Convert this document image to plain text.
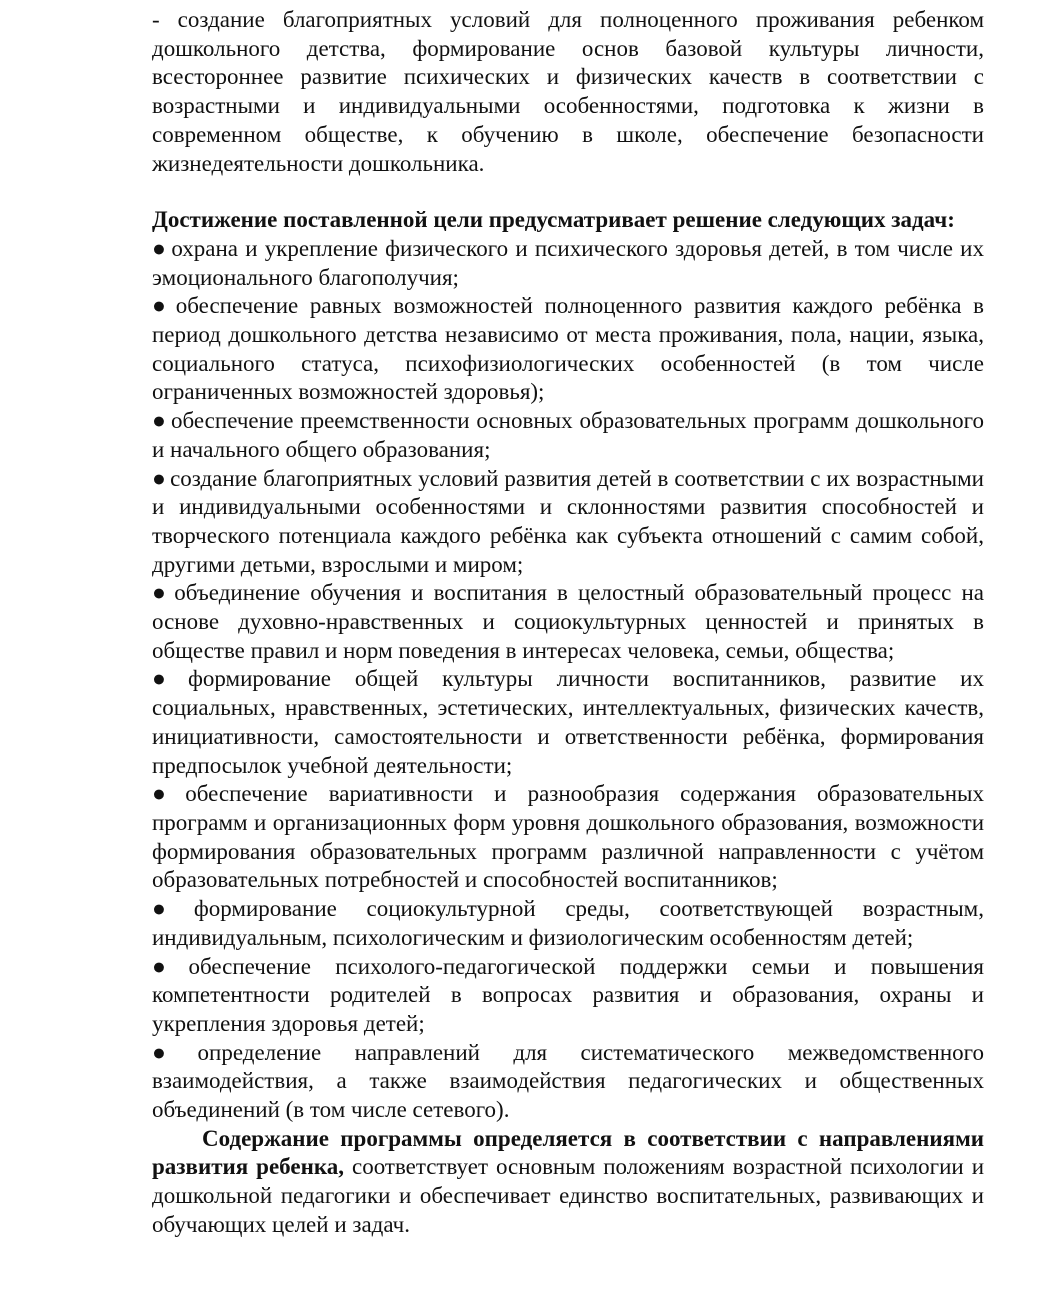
- создание благоприятных условий для полноценного проживания ребенком дошкольного детства, формирование основ базовой культуры личности, всестороннее развитие психических и физических качеств в соответствии с возрастными и индивидуальными особенностями, подготовка к жизни в современном обществе, к обучению в школе, обеспечение безопасности жизнедеятельности дошкольника.

Достижение поставленной цели предусматривает решение следующих задач:

● охрана и укрепление физического и психического здоровья детей, в том числе их эмоционального благополучия;

● обеспечение равных возможностей полноценного развития каждого ребёнка в период дошкольного детства независимо от места проживания, пола, нации, языка, социального статуса, психофизиологических особенностей (в том числе ограниченных возможностей здоровья);

● обеспечение преемственности основных образовательных программ дошкольного и начального общего образования;

● создание благоприятных условий развития детей в соответствии с их возрастными и индивидуальными особенностями и склонностями развития способностей и творческого потенциала каждого ребёнка как субъекта отношений с самим собой, другими детьми, взрослыми и миром;

● объединение обучения и воспитания в целостный образовательный процесс на основе духовно-нравственных и социокультурных ценностей и принятых в обществе правил и норм поведения в интересах человека, семьи, общества;

● формирование общей культуры личности воспитанников, развитие их социальных, нравственных, эстетических, интеллектуальных, физических качеств, инициативности, самостоятельности и ответственности ребёнка, формирования предпосылок учебной деятельности;

● обеспечение вариативности и разнообразия содержания образовательных программ и организационных форм уровня дошкольного образования, возможности формирования образовательных программ различной направленности с учётом образовательных потребностей и способностей воспитанников;

● формирование социокультурной среды, соответствующей возрастным, индивидуальным, психологическим и физиологическим особенностям детей;

● обеспечение психолого-педагогической поддержки семьи и повышения компетентности родителей в вопросах развития и образования, охраны и укрепления здоровья детей;

● определение направлений для систематического межведомственного взаимодействия, а также взаимодействия педагогических и общественных объединений (в том числе сетевого).

Содержание программы определяется в соответствии с направлениями развития ребенка, соответствует основным положениям возрастной психологии и дошкольной педагогики и обеспечивает единство воспитательных, развивающих и обучающих целей и задач.
